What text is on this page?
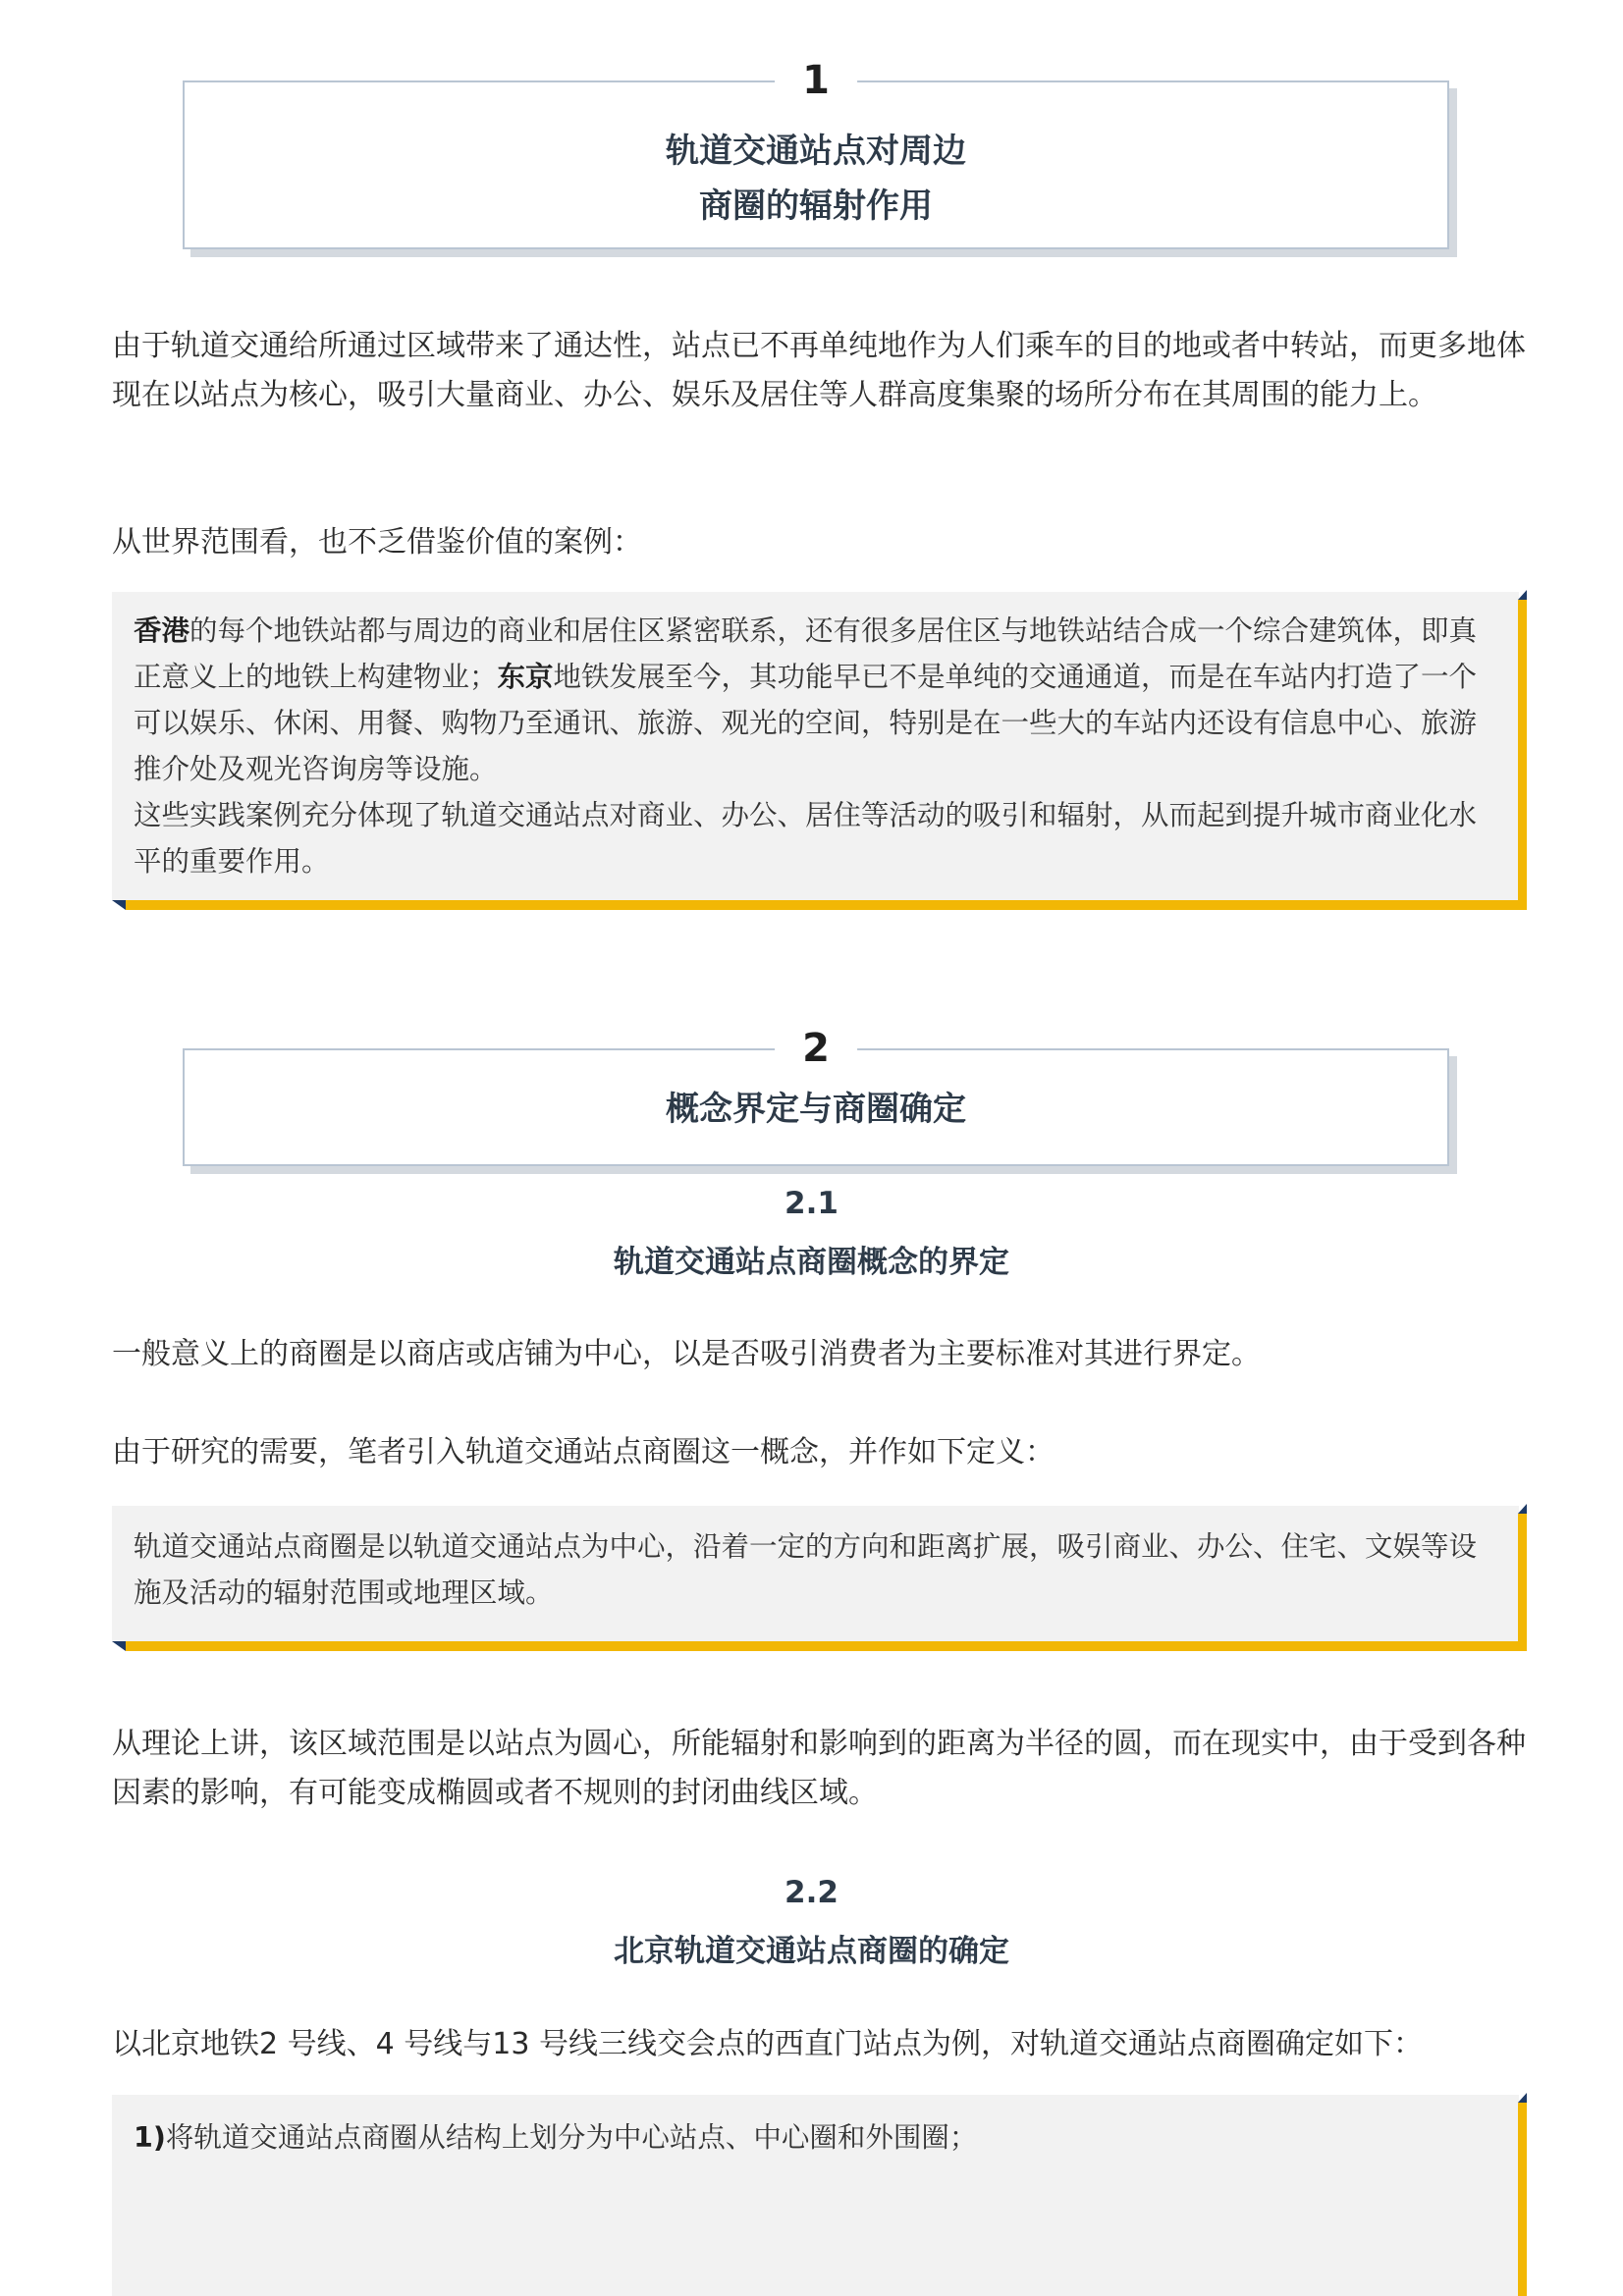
1
轨道交通站点对周边
商圈的辐射作用
由于轨道交通给所通过区域带来了通达性，站点已不再单纯地作为人们乘车的目的地或者中转站，而更多地体现在以站点为核心，吸引大量商业、办公、娱乐及居住等人群高度集聚的场所分布在其周围的能力上。
从世界范围看，也不乏借鉴价值的案例：
香港的每个地铁站都与周边的商业和居住区紧密联系，还有很多居住区与地铁站结合成一个综合建筑体，即真正意义上的地铁上构建物业；东京地铁发展至今，其功能早已不是单纯的交通通道，而是在车站内打造了一个可以娱乐、休闲、用餐、购物乃至通讯、旅游、观光的空间，特别是在一些大的车站内还设有信息中心、旅游推介处及观光咨询房等设施。
这些实践案例充分体现了轨道交通站点对商业、办公、居住等活动的吸引和辐射，从而起到提升城市商业化水平的重要作用。
2
概念界定与商圈确定
2.1
轨道交通站点商圈概念的界定
一般意义上的商圈是以商店或店铺为中心，以是否吸引消费者为主要标准对其进行界定。
由于研究的需要，笔者引入轨道交通站点商圈这一概念，并作如下定义：
轨道交通站点商圈是以轨道交通站点为中心，沿着一定的方向和距离扩展，吸引商业、办公、住宅、文娱等设施及活动的辐射范围或地理区域。
从理论上讲，该区域范围是以站点为圆心，所能辐射和影响到的距离为半径的圆，而在现实中，由于受到各种因素的影响，有可能变成椭圆或者不规则的封闭曲线区域。
2.2
北京轨道交通站点商圈的确定
以北京地铁2 号线、4 号线与13 号线三线交会点的西直门站点为例，对轨道交通站点商圈确定如下：
1)将轨道交通站点商圈从结构上划分为中心站点、中心圈和外围圈；
